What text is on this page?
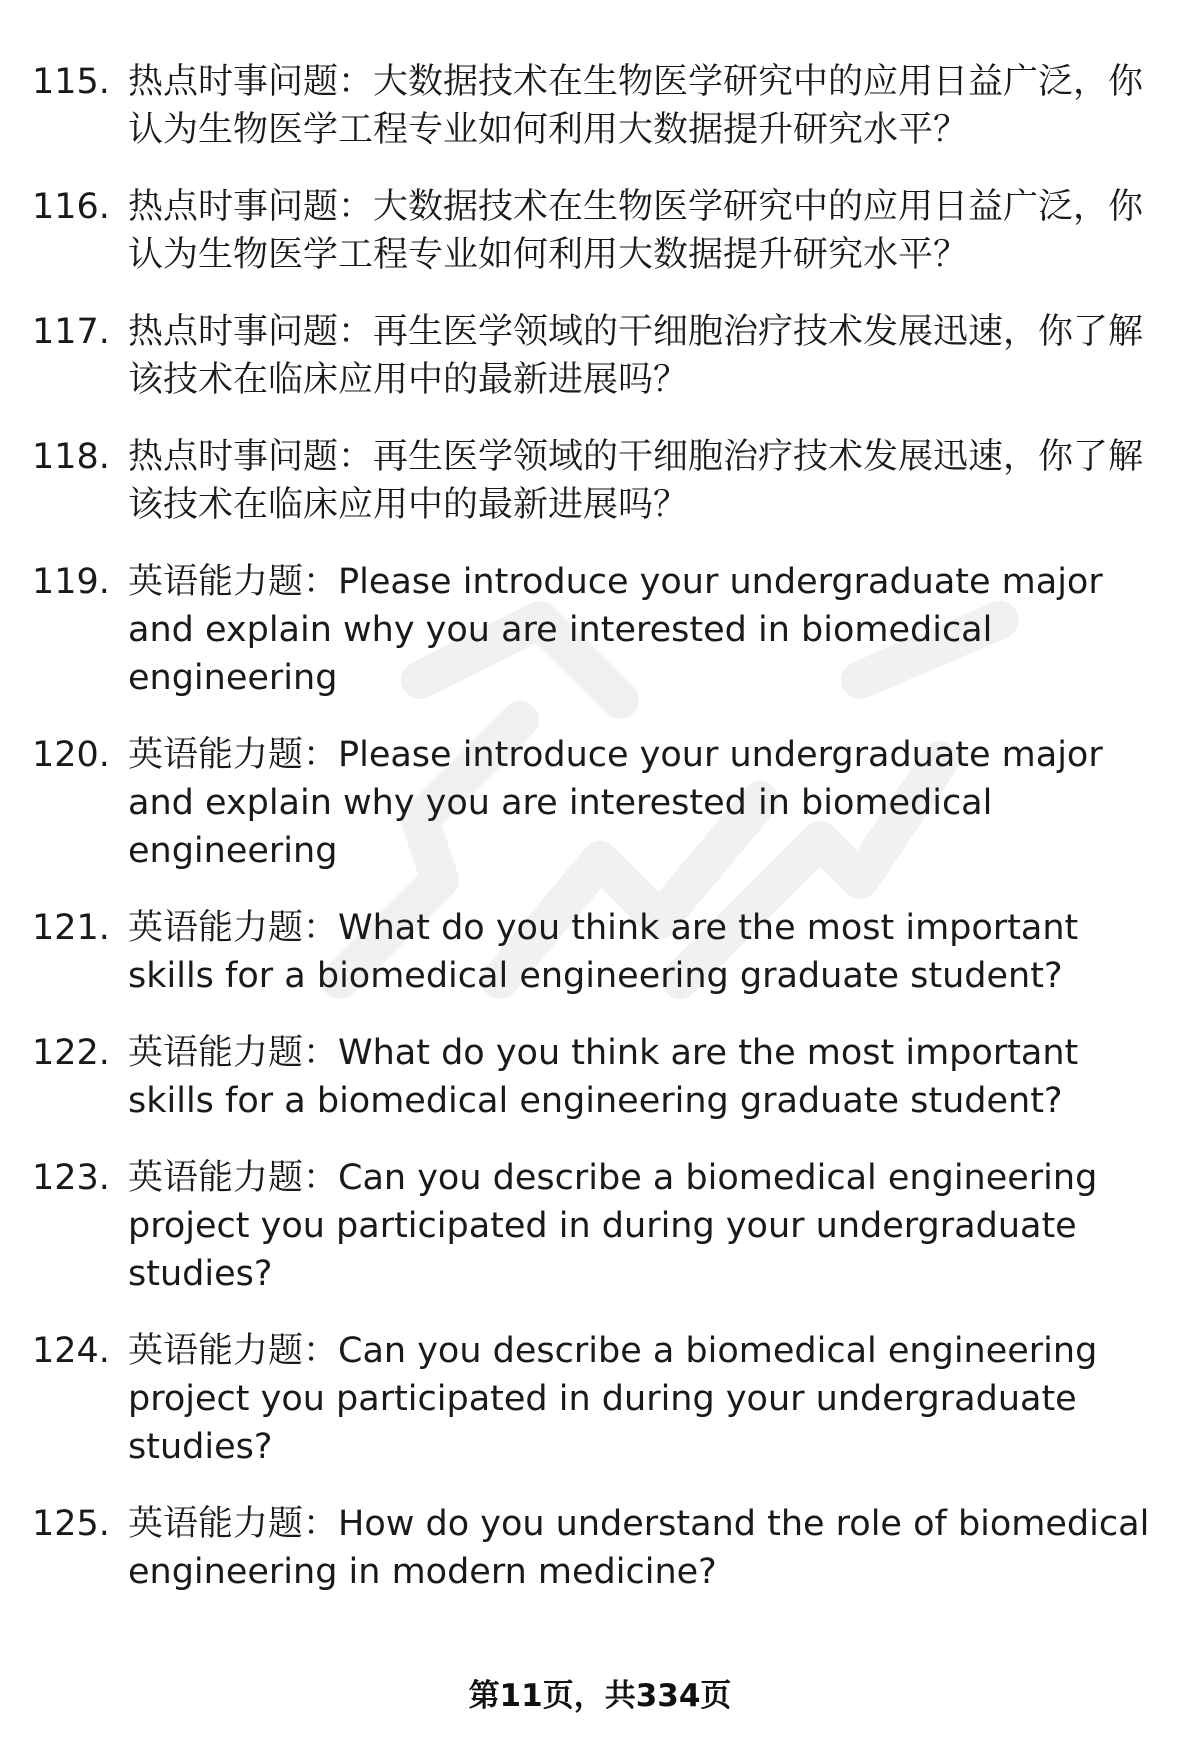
115. 热点时事问题：大数据技术在生物医学研究中的应用日益广泛，你认为生物医学工程专业如何利用大数据提升研究水平？
116. 热点时事问题：大数据技术在生物医学研究中的应用日益广泛，你认为生物医学工程专业如何利用大数据提升研究水平？
117. 热点时事问题：再生医学领域的干细胞治疗技术发展迅速，你了解该技术在临床应用中的最新进展吗？
118. 热点时事问题：再生医学领域的干细胞治疗技术发展迅速，你了解该技术在临床应用中的最新进展吗？
119. 英语能力题：Please introduce your undergraduate major and explain why you are interested in biomedical engineering
120. 英语能力题：Please introduce your undergraduate major and explain why you are interested in biomedical engineering
121. 英语能力题：What do you think are the most important skills for a biomedical engineering graduate student?
122. 英语能力题：What do you think are the most important skills for a biomedical engineering graduate student?
123. 英语能力题：Can you describe a biomedical engineering project you participated in during your undergraduate studies?
124. 英语能力题：Can you describe a biomedical engineering project you participated in during your undergraduate studies?
125. 英语能力题：How do you understand the role of biomedical engineering in modern medicine?
第11页，共334页
